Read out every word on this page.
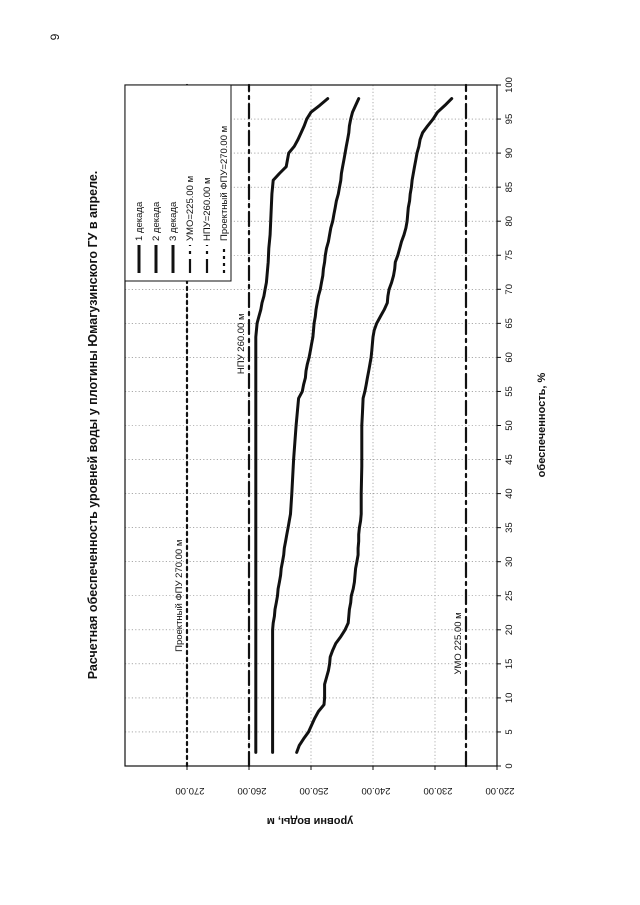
6
Расчетная обеспеченность уровней воды у плотины Юмагузинского ГУ в апреле.	обеспеченность, %
уровни воды, м
0
5
10
15
20
25
30
35
40
45
50
55
60
65
70
75
80
85
90
95
100
220.00
230.00
240.00
250.00
260.00
270.00
Проектный ФПУ 270.00 м
НПУ 260.00 м
УМО 225.00 м
1 декада 2 декада 3 декада УМО=225.00 м НПУ=260.00 м Проектный ФПУ=270.00 м
